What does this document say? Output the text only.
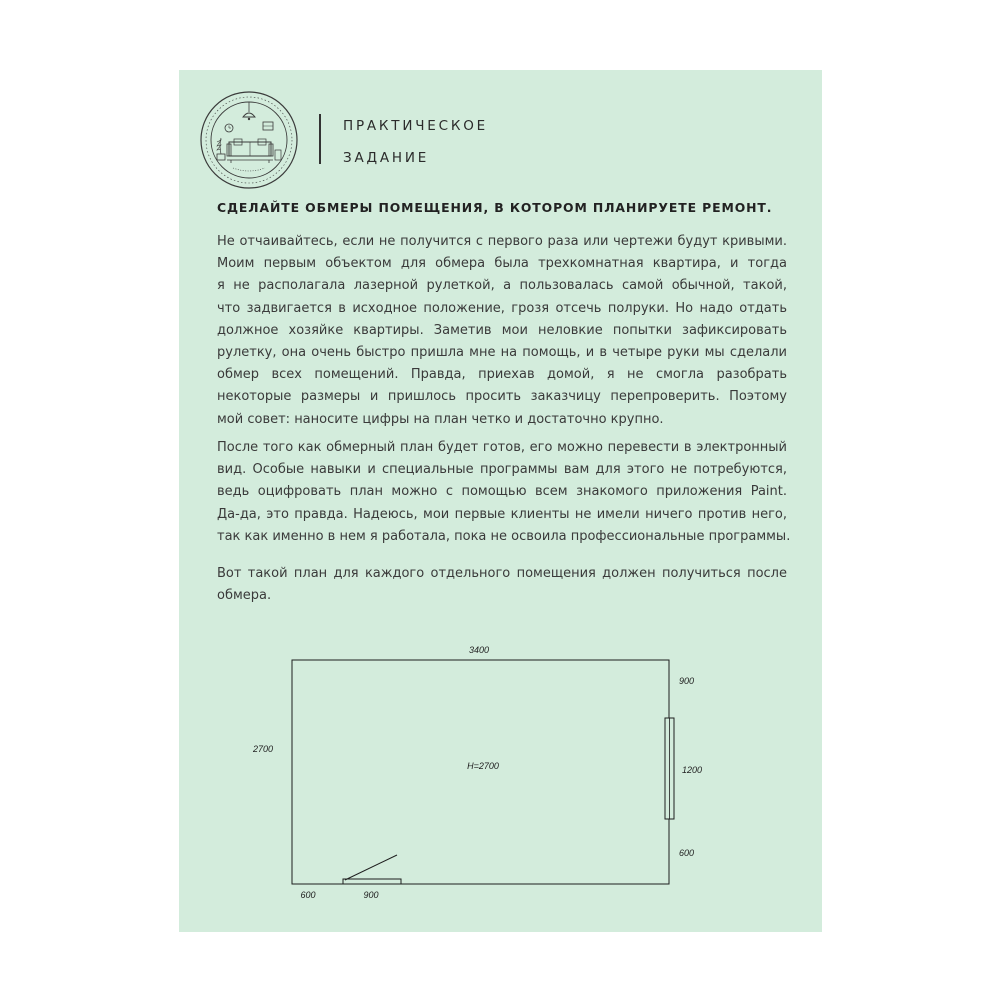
ПРАКТИЧЕСКОЕ
ЗАДАНИЕ
СДЕЛАЙТЕ ОБМЕРЫ ПОМЕЩЕНИЯ, В КОТОРОМ ПЛАНИРУЕТЕ РЕМОНТ.

Не отчаивайтесь, если не получится с первого раза или чертежи будут кривыми.
Моим первым объектом для обмера была трехкомнатная квартира, и тогда
я не располагала лазерной рулеткой, а пользовалась самой обычной, такой,
что задвигается в исходное положение, грозя отсечь полруки. Но надо отдать
должное хозяйке квартиры. Заметив мои неловкие попытки зафиксировать
рулетку, она очень быстро пришла мне на помощь, и в четыре руки мы сделали
обмер всех помещений. Правда, приехав домой, я не смогла разобрать
некоторые размеры и пришлось просить заказчицу перепроверить. Поэтому
мой совет: наносите цифры на план четко и достаточно крупно.

После того как обмерный план будет готов, его можно перевести в электронный
вид. Особые навыки и специальные программы вам для этого не потребуются,
ведь оцифровать план можно с помощью всем знакомого приложения Paint.
Да-да, это правда. Надеюсь, мои первые клиенты не имели ничего против него,
так как именно в нем я работала, пока не освоила профессиональные программы.

Вот такой план для каждого отдельного помещения должен получиться после
обмера.

3400
2700
H=2700
900
1200
600
600	900
